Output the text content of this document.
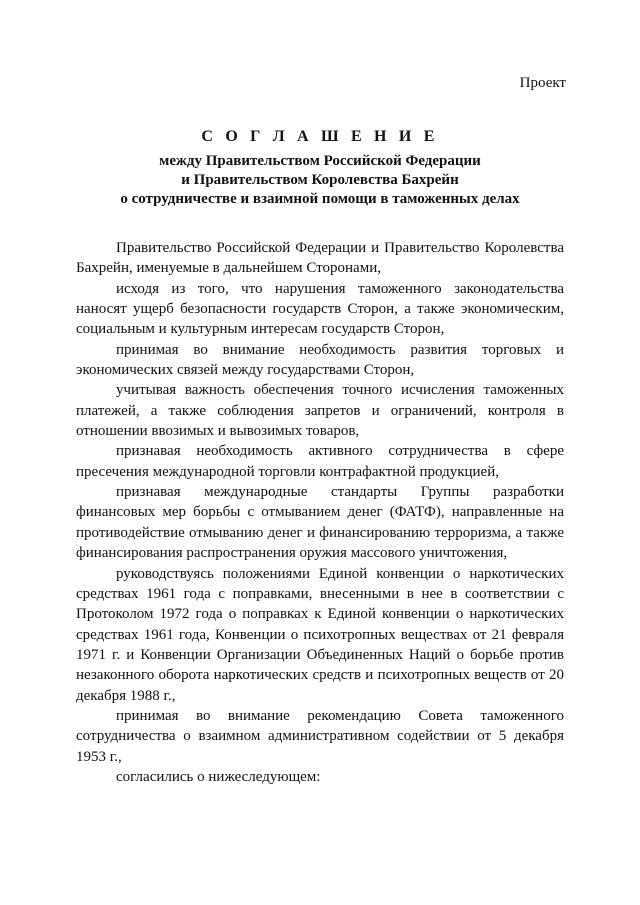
Проект
С О Г Л А Ш Е Н И Е
между Правительством Российской Федерации
и Правительством Королевства Бахрейн
о сотрудничестве и взаимной помощи в таможенных делах

Правительство Российской Федерации и Правительство Королевства Бахрейн, именуемые в дальнейшем Сторонами,

исходя из того, что нарушения таможенного законодательства наносят ущерб безопасности государств Сторон, а также экономическим, социальным и культурным интересам государств Сторон,

принимая во внимание необходимость развития торговых и экономических связей между государствами Сторон,

учитывая важность обеспечения точного исчисления таможенных платежей, а также соблюдения запретов и ограничений, контроля в отношении ввозимых и вывозимых товаров,

признавая необходимость активного сотрудничества в сфере пресечения международной торговли контрафактной продукцией,

признавая международные стандарты Группы разработки финансовых мер борьбы с отмыванием денег (ФАТФ), направленные на противодействие отмыванию денег и финансированию терроризма, а также финансирования распространения оружия массового уничтожения,

руководствуясь положениями Единой конвенции о наркотических средствах 1961 года с поправками, внесенными в нее в соответствии с Протоколом 1972 года о поправках к Единой конвенции о наркотических средствах 1961 года, Конвенции о психотропных веществах от 21 февраля 1971 г. и Конвенции Организации Объединенных Наций о борьбе против незаконного оборота наркотических средств и психотропных веществ от 20 декабря 1988 г.,

принимая во внимание рекомендацию Совета таможенного сотрудничества о взаимном административном содействии от 5 декабря 1953 г.,

согласились о нижеследующем:
